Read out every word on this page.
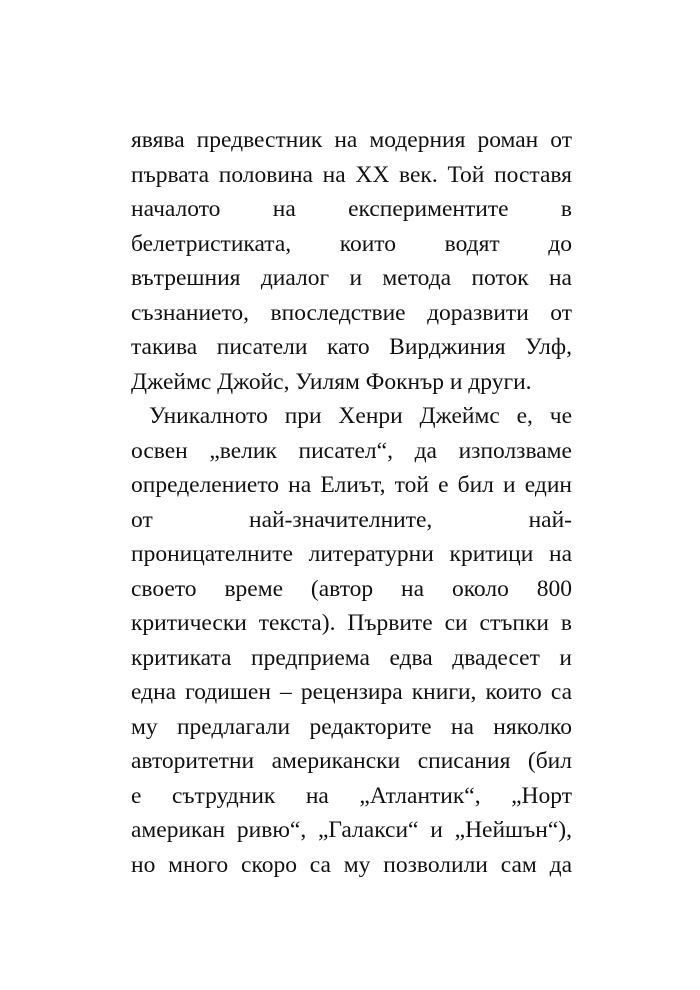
явява предвестник на модерния роман от
първата половина на XX век. Той поставя
началото на експериментите в
белетристиката, които водят до
вътрешния диалог и метода поток на
съзнанието, впоследствие доразвити от
такива писатели като Вирджиния Улф,
Джеймс Джойс, Уилям Фокнър и други.
Уникалното при Хенри Джеймс е, че
освен „велик писател“, да използваме
определението на Елиът, той е бил и един
от най-значителните, най-
проницателните литературни критици на
своето време (автор на около 800
критически текста). Първите си стъпки в
критиката предприема едва двадесет и
една годишен – рецензира книги, които са
му предлагали редакторите на няколко
авторитетни американски списания (бил
е сътрудник на „Атлантик“, „Норт
американ ривю“, „Галакси“ и „Нейшън“),
но много скоро са му позволили сам да
